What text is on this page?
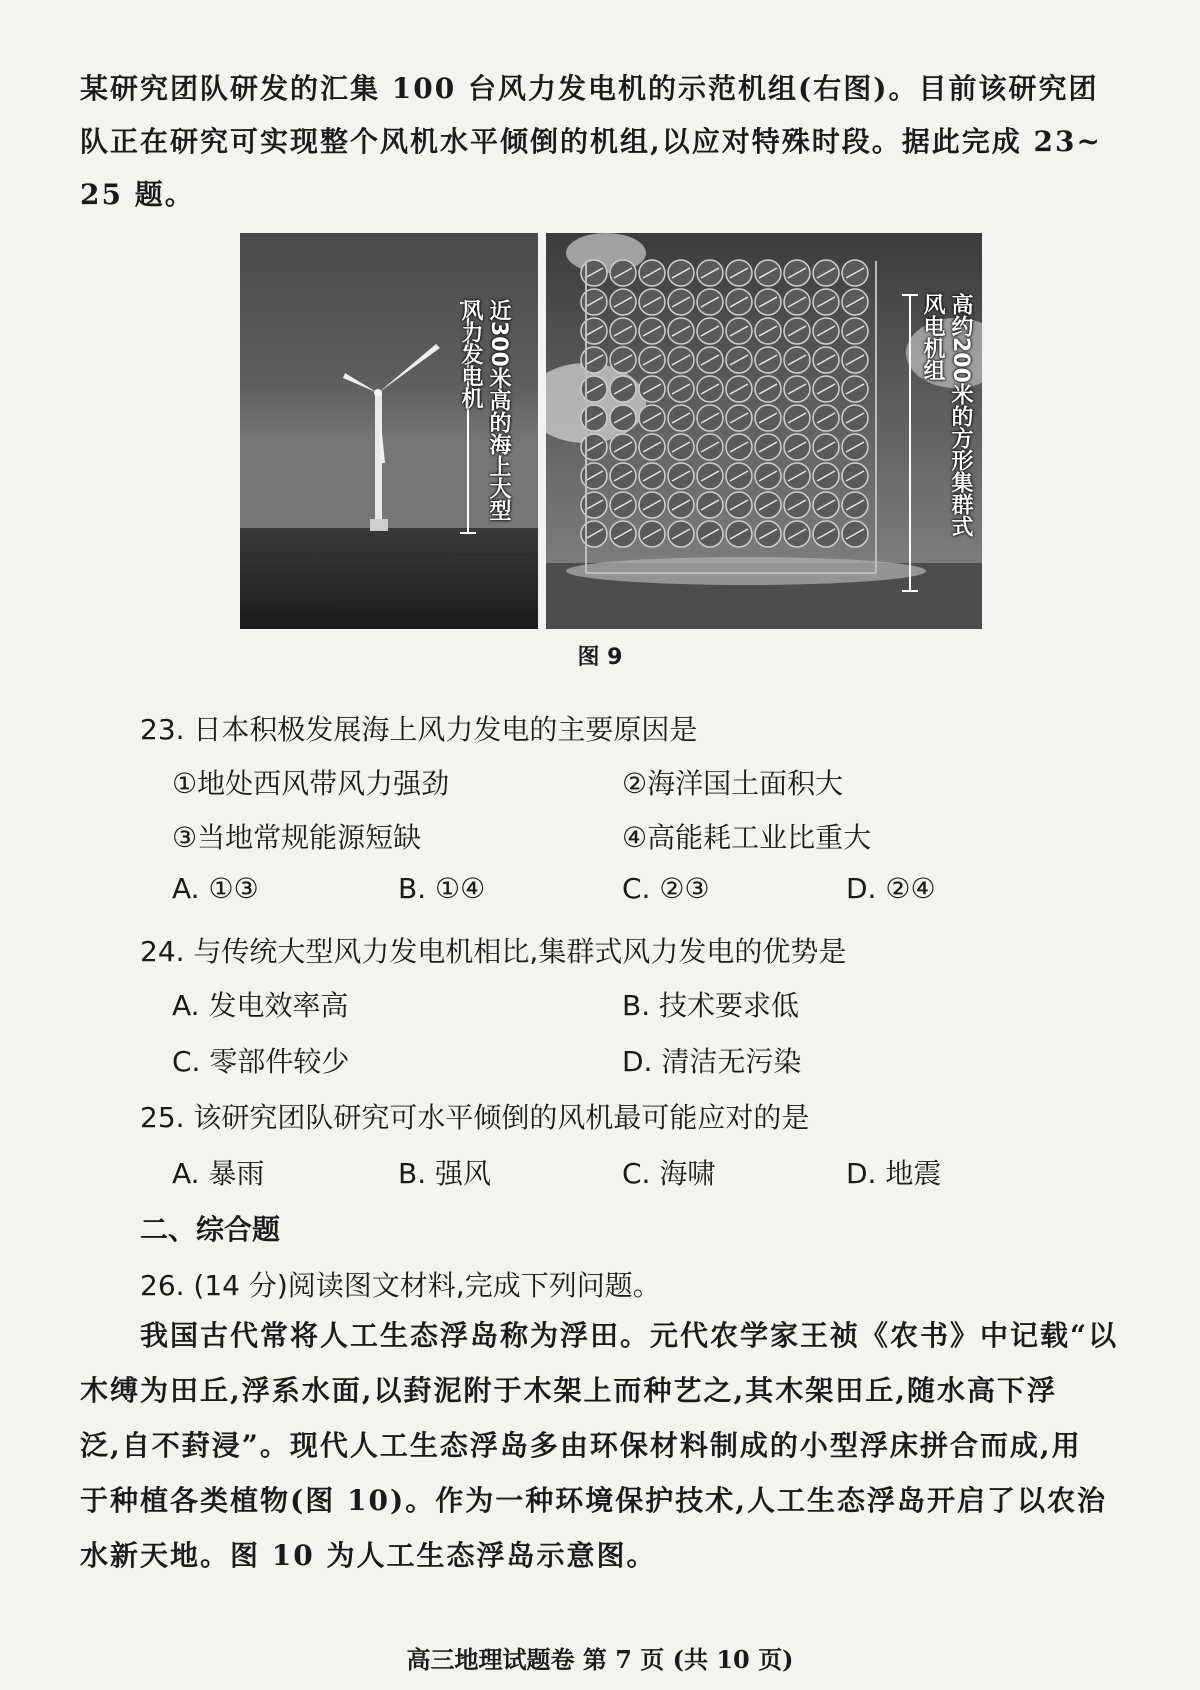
某研究团队研发的汇集 100 台风力发电机的示范机组(右图)。目前该研究团

队正在研究可实现整个风机水平倾倒的机组,以应对特殊时段。据此完成 23~

25 题。

近300米高的海上大型
风力发电机	高约200米的方形集群式
风电机组
图 9
23. 日本积极发展海上风力发电的主要原因是
①地处西风带风力强劲	②海洋国土面积大
③当地常规能源短缺	④高能耗工业比重大
A. ①③	B. ①④	C. ②③	D. ②④
24. 与传统大型风力发电机相比,集群式风力发电的优势是
A. 发电效率高	B. 技术要求低
C. 零部件较少	D. 清洁无污染
25. 该研究团队研究可水平倾倒的风机最可能应对的是
A. 暴雨	B. 强风	C. 海啸	D. 地震
二、综合题
26. (14 分)阅读图文材料,完成下列问题。
　　我国古代常将人工生态浮岛称为浮田。元代农学家王祯《农书》中记载“以
木缚为田丘,浮系水面,以葑泥附于木架上而种艺之,其木架田丘,随水高下浮
泛,自不葑浸”。现代人工生态浮岛多由环保材料制成的小型浮床拼合而成,用
于种植各类植物(图 10)。作为一种环境保护技术,人工生态浮岛开启了以农治
水新天地。图 10 为人工生态浮岛示意图。
高三地理试题卷 第 7 页 (共 10 页)
